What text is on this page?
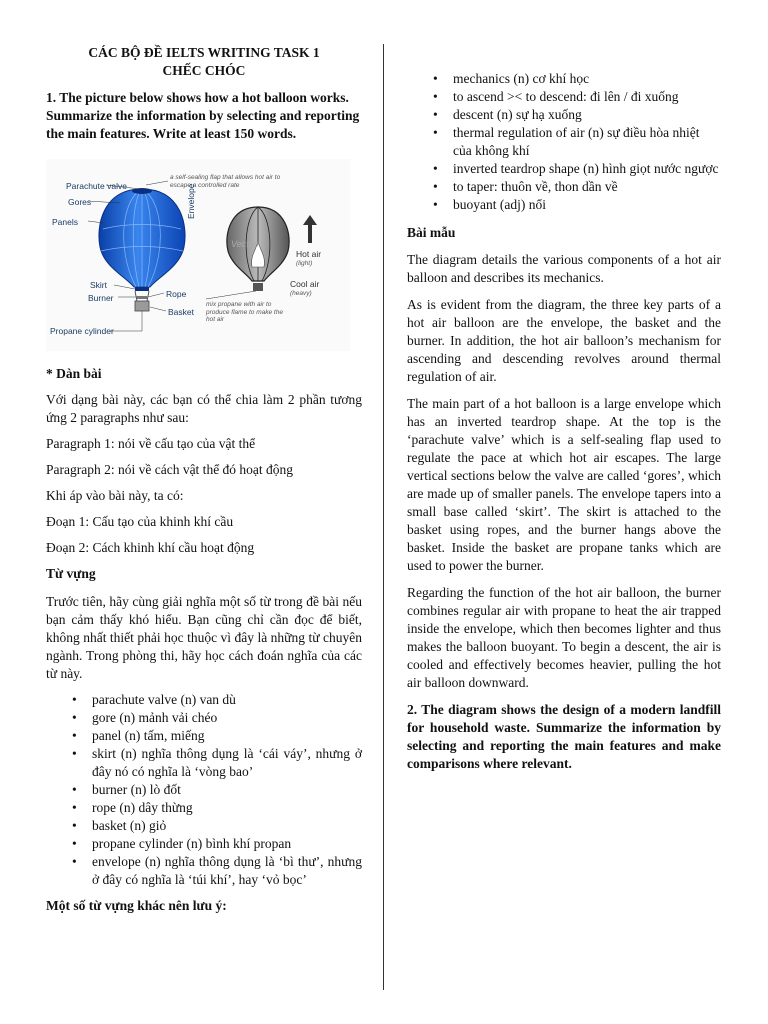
CÁC BỘ ĐỀ IELTS WRITING TASK 1

CHẾC CHÓC

1. The picture below shows how a hot balloon works. Summarize the information by selecting and reporting the main features. Write at least 150 words.

Parachute valve
Gores
Panels
Envelope
Skirt
Burner	Rope
Basket
Propane cylinder
a self-sealing flap that allows hot air to escape a controlled rate
Hot air
(light)
Cool air
(heavy)
mix propane with air to produce flame to make the hot air
Vectep

* Dàn bài

Với dạng bài này, các bạn có thể chia làm 2 phần tương ứng 2 paragraphs như sau:

Paragraph 1: nói về cấu tạo của vật thể

Paragraph 2: nói về cách vật thể đó hoạt động

Khi áp vào bài này, ta có:

Đoạn 1: Cấu tạo của khinh khí cầu

Đoạn 2: Cách khinh khí cầu hoạt động

Từ vựng

Trước tiên, hãy cùng giải nghĩa một số từ trong đề bài nếu bạn cảm thấy khó hiểu. Bạn cũng chỉ cần đọc để biết, không nhất thiết phải học thuộc vì đây là những từ chuyên ngành. Trong phòng thi, hãy học cách đoán nghĩa của các từ này.

• parachute valve (n) van dù
• gore (n) mảnh vải chéo
• panel (n) tấm, miếng
• skirt (n) nghĩa thông dụng là ‘cái váy’, nhưng ở đây nó có nghĩa là ‘vòng bao’
• burner (n) lò đốt
• rope (n) dây thừng
• basket (n) giỏ
• propane cylinder (n) bình khí propan
• envelope (n) nghĩa thông dụng là ‘bì thư’, nhưng ở đây có nghĩa là ‘túi khí’, hay ‘vỏ bọc’

Một số từ vựng khác nên lưu ý:

• mechanics (n) cơ khí học
• to ascend >< to descend: đi lên / đi xuống
• descent (n) sự hạ xuống
• thermal regulation of air (n) sự điều hòa nhiệt của không khí
• inverted teardrop shape (n) hình giọt nước ngược
• to taper: thuôn về, thon dần về
• buoyant (adj) nổi

Bài mẫu

The diagram details the various components of a hot air balloon and describes its mechanics.

As is evident from the diagram, the three key parts of a hot air balloon are the envelope, the basket and the burner. In addition, the hot air balloon’s mechanism for ascending and descending revolves around thermal regulation of air.

The main part of a hot balloon is a large envelope which has an inverted teardrop shape. At the top is the ‘parachute valve’ which is a self-sealing flap used to regulate the pace at which hot air escapes. The large vertical sections below the valve are called ‘gores’, which are made up of smaller panels. The envelope tapers into a small base called ‘skirt’. The skirt is attached to the basket using ropes, and the burner hangs above the basket. Inside the basket are propane tanks which are used to power the burner.

Regarding the function of the hot air balloon, the burner combines regular air with propane to heat the air trapped inside the envelope, which then becomes lighter and thus makes the balloon buoyant. To begin a descent, the air is cooled and effectively becomes heavier, pulling the hot air balloon downward.

2. The diagram shows the design of a modern landfill for household waste. Summarize the information by selecting and reporting the main features and make comparisons where relevant.
